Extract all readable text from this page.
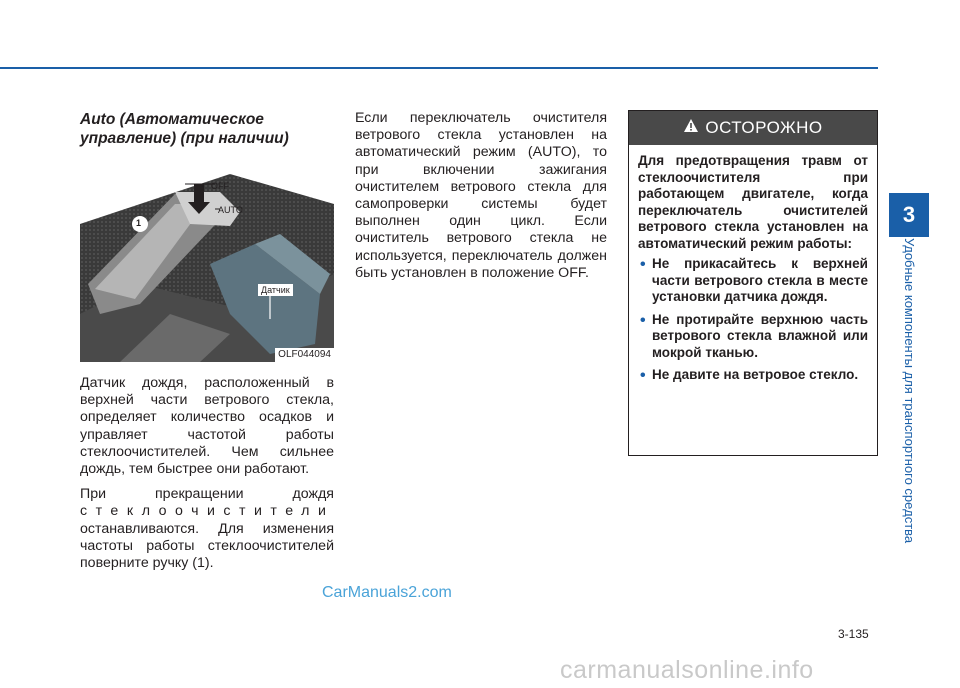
Auto (Автоматическое управление) (при наличии)

OFF
AUTO
1
Датчик
OLF044094

Датчик дождя, расположенный в верхней части ветрового стекла, определяет количество осадков и управляет частотой работы стеклоочистителей. Чем сильнее дождь, тем быстрее они работают.

При прекращении дождя

стеклоочистители

останавливаются. Для изменения частоты работы стеклоочистителей поверните ручку (1).

Если переключатель очистителя ветрового стекла установлен на автоматический режим (AUTO), то при включении зажигания очистителем ветрового стекла для самопроверки системы будет выполнен один цикл. Если очиститель ветрового стекла не используется, переключатель должен быть установлен в положение OFF.

ОСТОРОЖНО

Для предотвращения травм от стеклоочистителя при работающем двигателе, когда переключатель очистителей ветрового стекла установлен на автоматический режим работы:

• Не прикасайтесь к верхней части ветрового стекла в месте установки датчика дождя.

• Не протирайте верхнюю часть ветрового стекла влажной или мокрой тканью.

• Не давите на ветровое стекло.

3
Удобные компоненты для транспортного средства
3-135
CarManuals2.com
carmanualsonline.info
